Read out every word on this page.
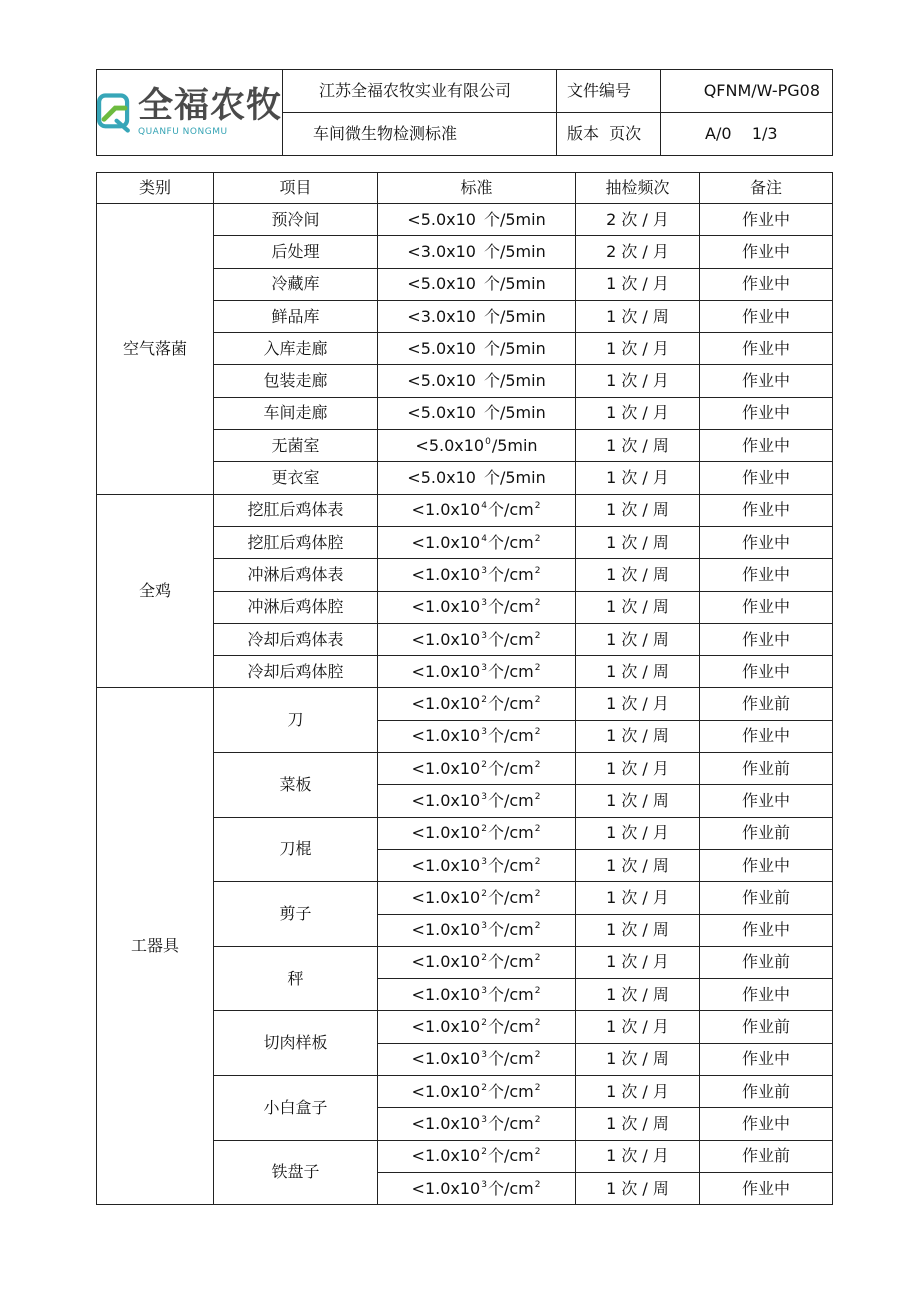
全福农牧
QUANFU NONGMU	江苏全福农牧实业有限公司	文件编号	QFNM/W-PG08
	车间微生物检测标准	版本  页次	A/0    1/3
类别	项目	标准	抽检频次	备注
空气落菌	预冷间	<5.0x10 个/5min	2 次 / 月	作业中
	后处理	<3.0x10 个/5min	2 次 / 月	作业中
	冷藏库	<5.0x10 个/5min	1 次 / 月	作业中
	鲜品库	<3.0x10 个/5min	1 次 / 周	作业中
	入库走廊	<5.0x10 个/5min	1 次 / 月	作业中
	包装走廊	<5.0x10 个/5min	1 次 / 月	作业中
	车间走廊	<5.0x10 个/5min	1 次 / 月	作业中
	无菌室	$<5.0x10^0/5\min$	1 次 / 周	作业中
	更衣室	<5.0x10 个/5min	1 次 / 月	作业中
全鸡	挖肛后鸡体表	$<1.0x10^4$个$/cm^2$	1 次 / 周	作业中
	挖肛后鸡体腔	$<1.0x10^4$个$/cm^2$	1 次 / 周	作业中
	冲淋后鸡体表	$<1.0x10^3$个$/cm^2$	1 次 / 周	作业中
	冲淋后鸡体腔	$<1.0x10^3$个$/cm^2$	1 次 / 周	作业中
	冷却后鸡体表	$<1.0x10^3$个$/cm^2$	1 次 / 周	作业中
	冷却后鸡体腔	$<1.0x10^3$个$/cm^2$	1 次 / 周	作业中
工器具	刀	$<1.0x10^2$个$/cm^2$	1 次 / 月	作业前
		$<1.0x10^3$个$/cm^2$	1 次 / 周	作业中
	菜板	$<1.0x10^2$个$/cm^2$	1 次 / 月	作业前
		$<1.0x10^3$个$/cm^2$	1 次 / 周	作业中
	刀棍	$<1.0x10^2$个$/cm^2$	1 次 / 月	作业前
		$<1.0x10^3$个$/cm^2$	1 次 / 周	作业中
	剪子	$<1.0x10^2$个$/cm^2$	1 次 / 月	作业前
		$<1.0x10^3$个$/cm^2$	1 次 / 周	作业中
	秤	$<1.0x10^2$个$/cm^2$	1 次 / 月	作业前
		$<1.0x10^3$个$/cm^2$	1 次 / 周	作业中
	切肉样板	$<1.0x10^2$个$/cm^2$	1 次 / 月	作业前
		$<1.0x10^3$个$/cm^2$	1 次 / 周	作业中
	小白盒子	$<1.0x10^2$个$/cm^2$	1 次 / 月	作业前
		$<1.0x10^3$个$/cm^2$	1 次 / 周	作业中
	铁盘子	$<1.0x10^2$个$/cm^2$	1 次 / 月	作业前
		$<1.0x10^3$个$/cm^2$	1 次 / 周	作业中
